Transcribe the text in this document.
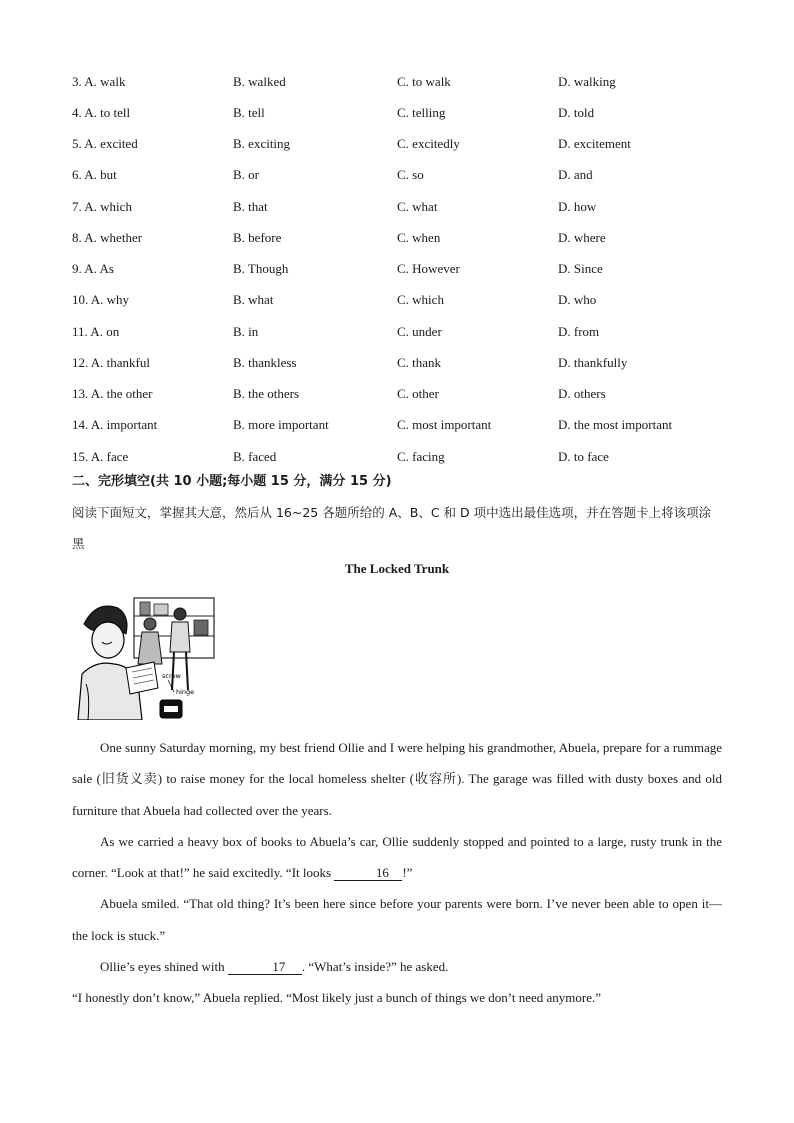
3. A. walk	B. walked	C. to walk	D. walking
4. A. to tell	B. tell	C. telling	D. told
5. A. excited	B. exciting	C. excitedly	D. excitement
6. A. but	B. or	C. so	D. and
7. A. which	B. that	C. what	D. how
8. A. whether	B. before	C. when	D. where
9. A. As	B. Though	C. However	D. Since
10. A. why	B. what	C. which	D. who
11. A. on	B. in	C. under	D. from
12. A. thankful	B. thankless	C. thank	D. thankfully
13. A. the other	B. the others	C. other	D. others
14. A. important	B. more important	C. most important	D. the most important
15. A. face	B. faced	C. facing	D. to face
二、完形填空(共 10 小题;每小题 15 分，满分 15 分)
阅读下面短文，掌握其大意，然后从 16~25 各题所给的 A、B、C 和 D 项中选出最佳选项，并在答题卡上将该项涂黑
The Locked Trunk
screw
hinge

One sunny Saturday morning, my best friend Ollie and I were helping his grandmother, Abuela, prepare for a rummage sale (旧货义卖) to raise money for the local homeless shelter (收容所). The garage was filled with dusty boxes and old furniture that Abuela had collected over the years.

As we carried a heavy box of books to Abuela’s car, Ollie suddenly stopped and pointed to a large, rusty trunk in the corner. “Look at that!” he said excitedly. “It looks	16 !”

Abuela smiled. “That old thing? It’s been here since before your parents were born. I’ve never been able to open it—the lock is stuck.”

Ollie’s eyes shined with	17 . “What’s inside?” he asked.

“I honestly don’t know,” Abuela replied. “Most likely just a bunch of things we don’t need anymore.”
